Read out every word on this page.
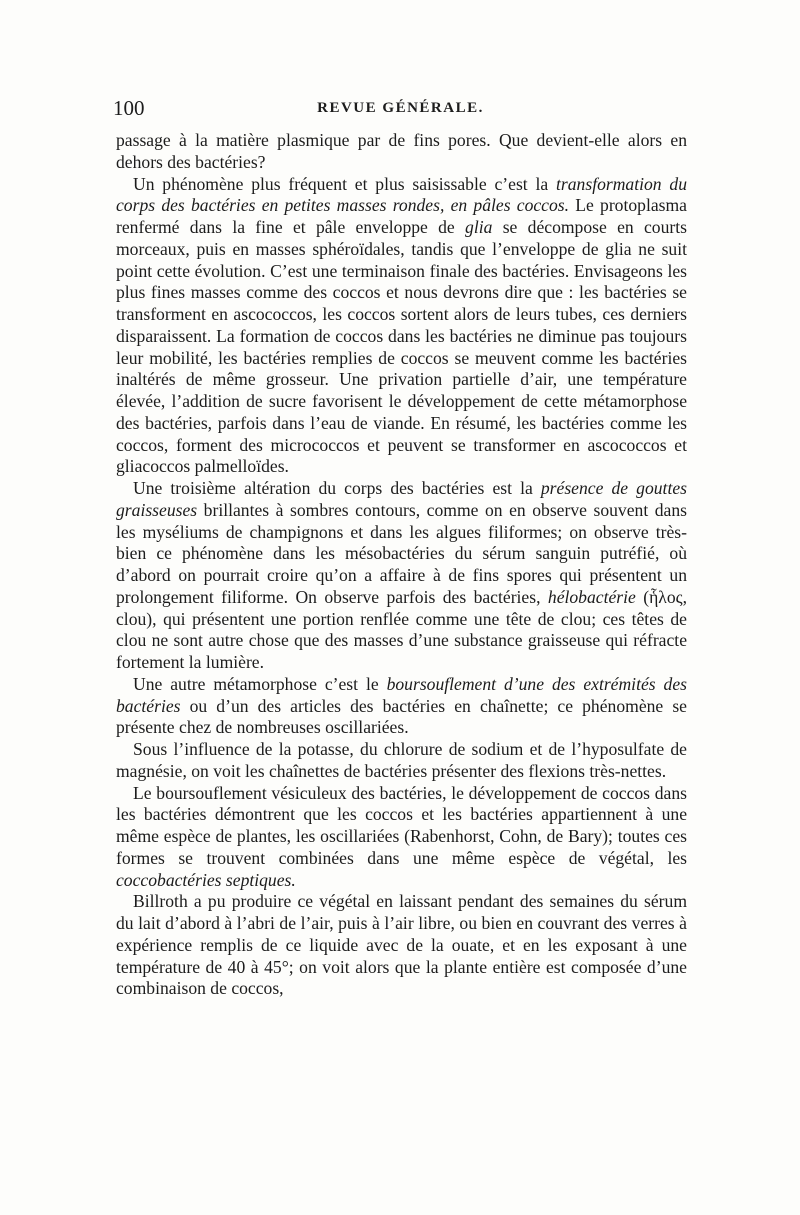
100	REVUE GÉNÉRALE.

passage à la matière plasmique par de fins pores. Que devient-elle alors en dehors des bactéries?

Un phénomène plus fréquent et plus saisissable c’est la transformation du corps des bactéries en petites masses rondes, en pâles coccos. Le protoplasma renfermé dans la fine et pâle enveloppe de glia se décompose en courts morceaux, puis en masses sphéroïdales, tandis que l’enveloppe de glia ne suit point cette évolution. C’est une terminaison finale des bactéries. Envisageons les plus fines masses comme des coccos et nous devrons dire que : les bactéries se transforment en ascococcos, les coccos sortent alors de leurs tubes, ces derniers disparaissent. La formation de coccos dans les bactéries ne diminue pas toujours leur mobilité, les bactéries remplies de coccos se meuvent comme les bactéries inaltérés de même grosseur. Une privation partielle d’air, une température élevée, l’addition de sucre favorisent le développement de cette métamorphose des bactéries, parfois dans l’eau de viande. En résumé, les bactéries comme les coccos, forment des micrococcos et peuvent se transformer en ascococcos et gliacoccos palmelloïdes.

Une troisième altération du corps des bactéries est la présence de gouttes graisseuses brillantes à sombres contours, comme on en observe souvent dans les myséliums de champignons et dans les algues filiformes; on observe très-bien ce phénomène dans les mésobactéries du sérum sanguin putréfié, où d’abord on pourrait croire qu’on a affaire à de fins spores qui présentent un prolongement filiforme. On observe parfois des bactéries, hélobactérie (ἧλος, clou), qui présentent une portion renflée comme une tête de clou; ces têtes de clou ne sont autre chose que des masses d’une substance graisseuse qui réfracte fortement la lumière.

Une autre métamorphose c’est le boursouflement d’une des extrémités des bactéries ou d’un des articles des bactéries en chaînette; ce phénomène se présente chez de nombreuses oscillariées.

Sous l’influence de la potasse, du chlorure de sodium et de l’hyposulfate de magnésie, on voit les chaînettes de bactéries présenter des flexions très-nettes.

Le boursouflement vésiculeux des bactéries, le développement de coccos dans les bactéries démontrent que les coccos et les bactéries appartiennent à une même espèce de plantes, les oscillariées (Rabenhorst, Cohn, de Bary); toutes ces formes se trouvent combinées dans une même espèce de végétal, les coccobactéries septiques.

Billroth a pu produire ce végétal en laissant pendant des semaines du sérum du lait d’abord à l’abri de l’air, puis à l’air libre, ou bien en couvrant des verres à expérience remplis de ce liquide avec de la ouate, et en les exposant à une température de 40 à 45°; on voit alors que la plante entière est composée d’une combinaison de coccos,
